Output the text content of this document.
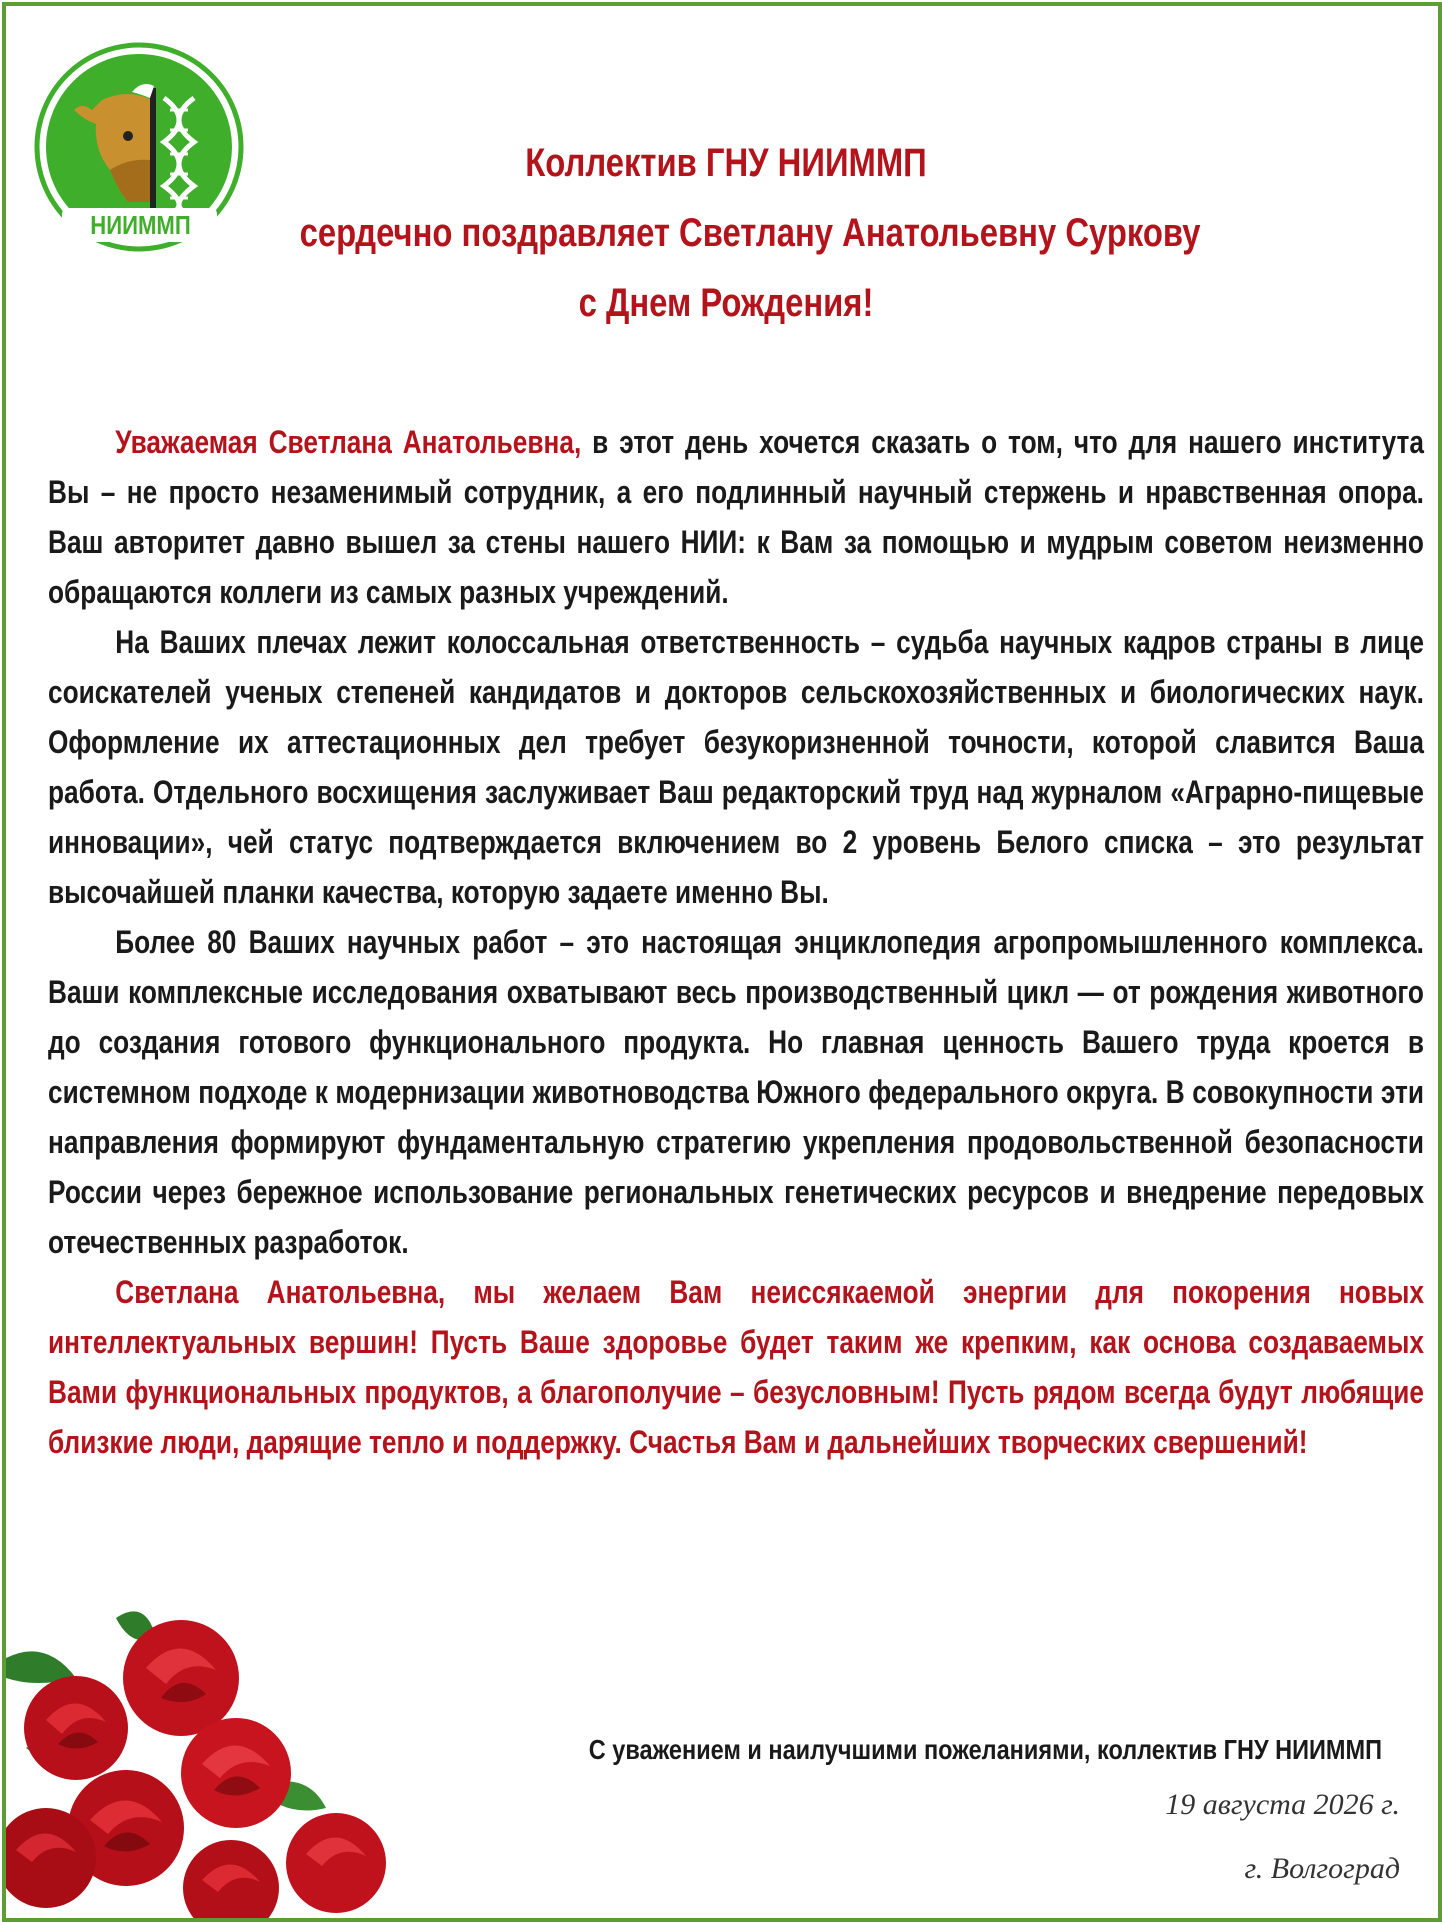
НИИММП
Коллектив ГНУ НИИММП
сердечно поздравляет Светлану Анатольевну Суркову
с Днем Рождения!

Уважаемая Светлана Анатольевна, в этот день хочется сказать о том, что для нашего института Вы – не просто незаменимый сотрудник, а его подлинный научный стержень и нравственная опора. Ваш авторитет давно вышел за стены нашего НИИ: к Вам за помощью и мудрым советом неизменно обращаются коллеги из самых разных учреждений.

На Ваших плечах лежит колоссальная ответственность – судьба научных кадров страны в лице соискателей ученых степеней кандидатов и докторов сельскохозяйственных и биологических наук. Оформление их аттестационных дел требует безукоризненной точности, которой славится Ваша работа. Отдельного восхищения заслуживает Ваш редакторский труд над журналом «Аграрно-пищевые инновации», чей статус подтверждается включением во 2 уровень Белого списка – это результат высочайшей планки качества, которую задаете именно Вы.

Более 80 Ваших научных работ – это настоящая энциклопедия агропромышленного комплекса. Ваши комплексные исследования охватывают весь производственный цикл — от рождения животного до создания готового функционального продукта. Но главная ценность Вашего труда кроется в системном подходе к модернизации животноводства Южного федерального округа. В совокупности эти направления формируют фундаментальную стратегию укрепления продовольственной безопасности России через бережное использование региональных генетических ресурсов и внедрение передовых отечественных разработок.

Светлана Анатольевна, мы желаем Вам неиссякаемой энергии для покорения новых интеллектуальных вершин! Пусть Ваше здоровье будет таким же крепким, как основа создаваемых Вами функциональных продуктов, а благополучие – безусловным! Пусть рядом всегда будут любящие близкие люди, дарящие тепло и поддержку. Счастья Вам и дальнейших творческих свершений!

С уважением и наилучшими пожеланиями, коллектив ГНУ НИИММП
19 августа 2026 г.
г. Волгоград
